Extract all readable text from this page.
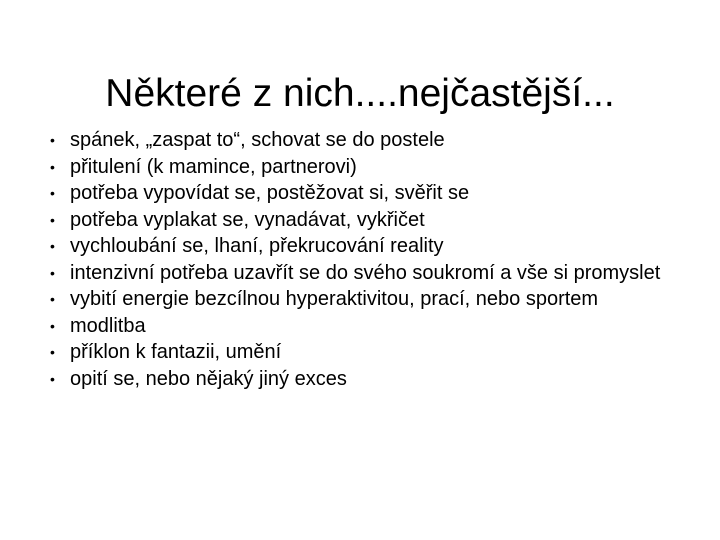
Některé z nich....nejčastější...
• spánek, „zaspat to“, schovat se do postele
• přitulení (k mamince, partnerovi)
• potřeba vypovídat se, postěžovat si, svěřit se
• potřeba vyplakat se, vynadávat, vykřičet
• vychloubání se, lhaní, překrucování reality
• intenzivní potřeba uzavřít se do svého soukromí a vše si promyslet
• vybití energie bezcílnou hyperaktivitou, prací, nebo sportem
• modlitba
• příklon k fantazii, umění
• opití se, nebo nějaký jiný exces
